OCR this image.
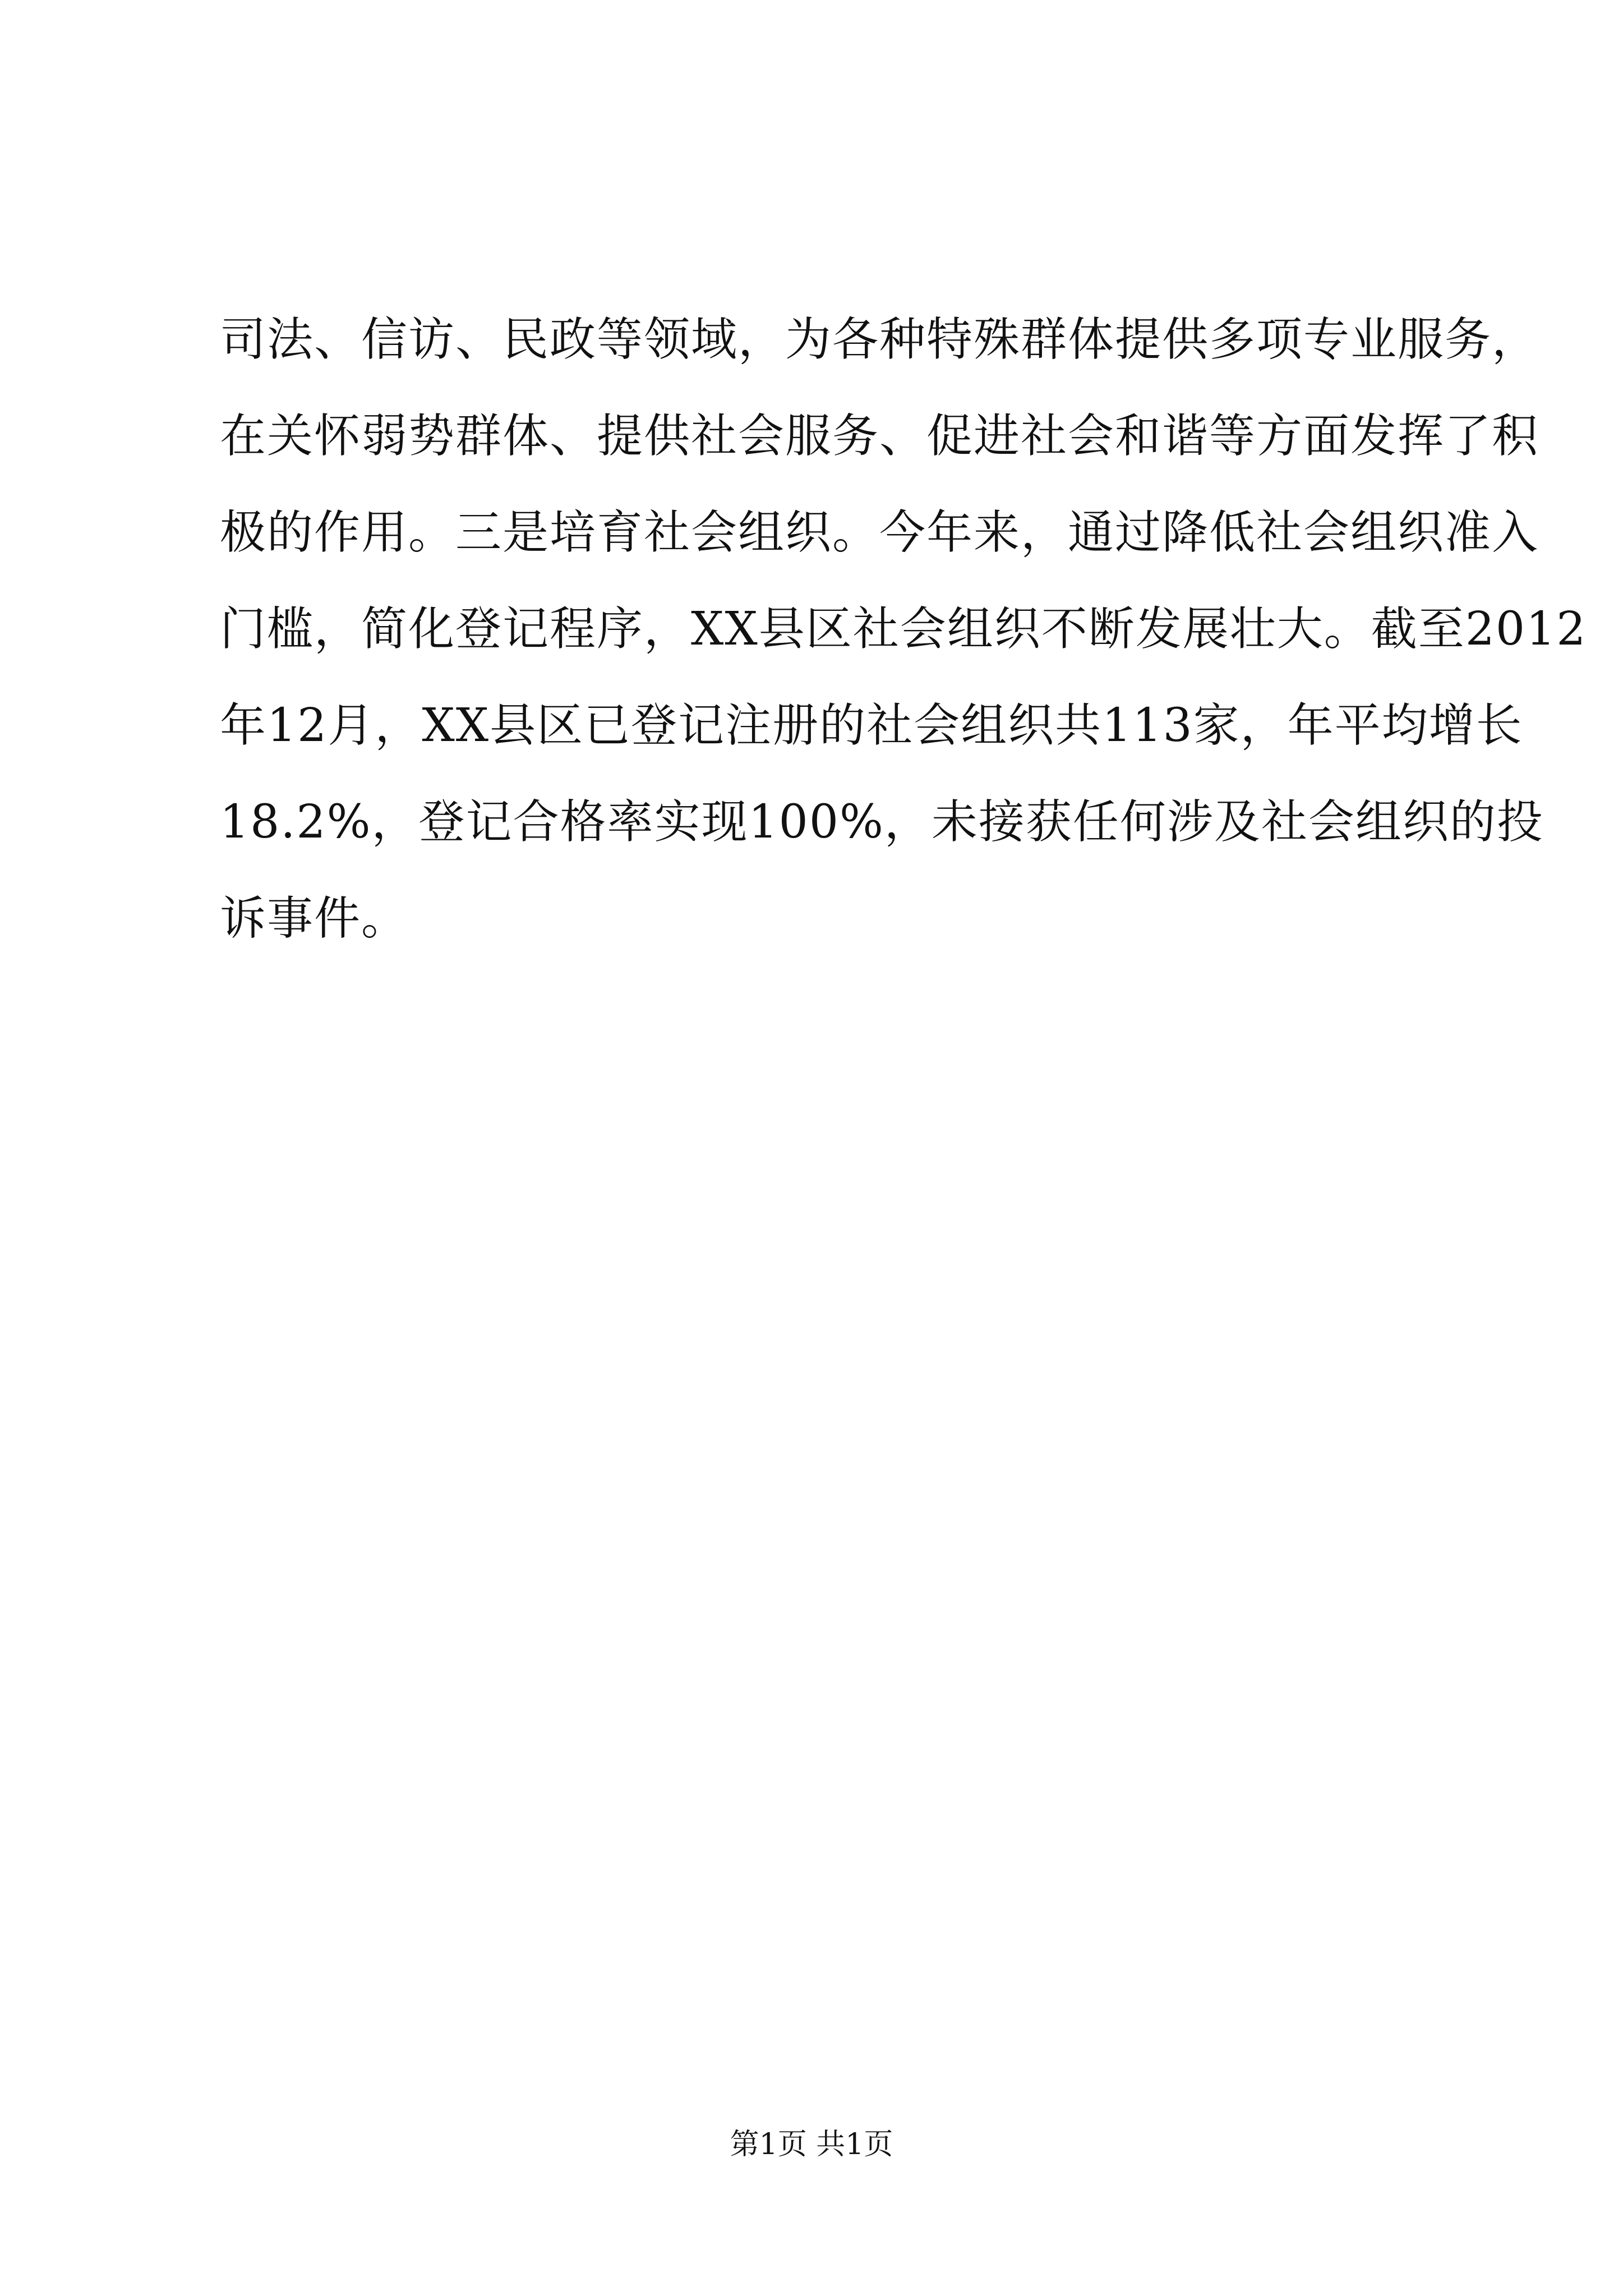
司法、信访、民政等领域，为各种特殊群体提供多项专业服务，
在关怀弱势群体、提供社会服务、促进社会和谐等方面发挥了积
极的作用。三是培育社会组织。今年来，通过降低社会组织准入
门槛，简化登记程序，XX县区社会组织不断发展壮大。截至2012
年12月，XX县区已登记注册的社会组织共113家，年平均增长
18.2%，登记合格率实现100%，未接获任何涉及社会组织的投
诉事件。
第1页 共1页
